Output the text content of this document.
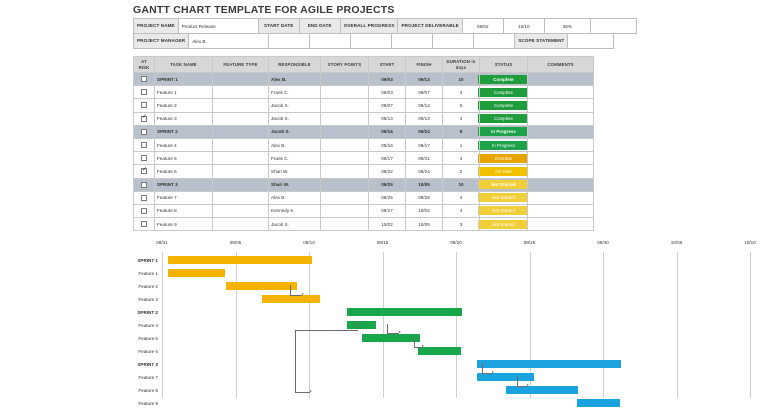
GANTT CHART TEMPLATE FOR AGILE PROJECTS
PROJECT NAME	Product Release	START DATE	END DATE	OVERALL PROGRESS	PROJECT DELIVERABLE	09/02	10/10	35%	
PROJECT MANAGER	Alex B.							SCOPE STATEMENT	
AT RISK	TASK NAME	FEATURE TYPE	RESPONSIBLE	STORY POINTS	START	FINISH	DURATION in days	STATUS	COMMENTS
	SPRINT 1		Alex B.		09/03	09/13	10	Complete	

	Feature 1		Frank C.		09/03	09/07	4	Complete	

	Feature 2		Jacob S.		09/07	09/12	5	Complete	

✓	Feature 3		Jacob S.		09/13	09/13	4	Complete	

	SPRINT 2		Jacob S.		09/16	09/24	8	In Progress	

	Feature 4		Alex B.		09/16	09/17	1	In Progress	

	Feature 5		Frank C.		09/17	09/21	4	Overdue	

✓	Feature 6		Shari W.		09/22	09/24	2	On Hold	

	SPRINT 3		Shari W.		09/25	10/05	10	Not Started	

	Feature 7		Alex B.		09/25	09/29	4	Not Started	

	Feature 8		Kennedy K.		09/27	10/02	4	Not Started	

	Feature 9		Jacob S.		10/02	10/05	3	Not Started	

SPRINT 1
Feature 1
Feature 2
Feature 3
SPRINT 2
Feature 4
Feature 5
Feature 6
SPRINT 3
Feature 7
Feature 8
Feature 9
08/31	09/05	09/10	09/15	09/20	09/25	09/30	10/05	10/10
